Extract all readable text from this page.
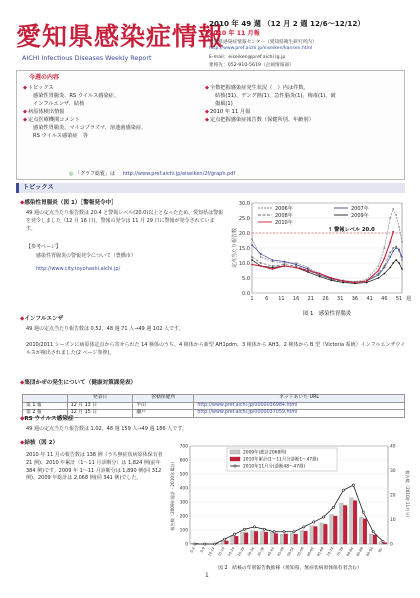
愛知県感染症情報
AICHI Infectious Diseases Weekly Report
2010 年 49 週 （12 月 2 週 12/6〜12/12）
2010 年 11 月報
愛知県感染症情報センター（愛知県衛生研究所内）
http://www.pref.aichi.jp/eiseiken/kansen.html
E-mail：eiseiken@pref.aichi.lg.jp
連絡先：052-910-5619（企画情報部）
今週の内容
◆トピックス
感染性胃腸炎、RS ウイルス感染症、
インフルエンザ、結核
◆病原体検出情報
◆定点医療機関コメント
感染性胃腸炎、マイコプラズマ、溶連菌感染症、
RS ウイルス感染症　等
◆全数把握感染症発生状況（　）内は件数。
結核(31)、デング熱(1)、急性脳炎(1)、梅毒(1)、破
傷風(1)
◆2010 年 11 月報
◆定点把握感染症報告数（保健所別、年齢別）
◎ 「グラフ総覧」は http://www.pref.aichi.jp/eiseiken/2f/graph.pdf
トピックス
◆感染性胃腸炎（図 1）［警報発令中］
49 週の定点当たり報告数は 20.4 と警報レベル(20.0)以上となったため、愛知県は警報を発令しました（12 月 16 日)。警報の発令は 11 月 29 日に警報が発令されています。
【参考ページ】
感染性胃腸炎の警報発令について（豊橋市）
http://www.city.toyohashi.aichi.jp/
0.0
5.0
10.0
15.0
20.0
25.0
30.0
1 6 11 16 21 26 31 36 41 46 51 週
定点当たり報告数	↑ 警報レベル 20.0
2006年	2007年
2008年	2009年
2010年
図 1　感染性胃腸炎
◆インフルエンザ
49 週の定点当たり報告数は 0.52、48 週 71 人→49 週 102 人です。
2010/2011 シーズンに病原体定点から寄せられた 14 検体のうち、4 検体から新型 AH1pdm、3 検体から AH3、2 検体から B 型（Victoria 系統）インフルエンザウイルスが検出されました(2 ページ参照)。
◆集団かぜの発生について（健康対策課発表）
	発表日	管轄保健所	ネットあいち URL
第 1 報	12 月 13 日	半田	http://www.pref.aichi.jp/0000036984.html
第 2 報	12 月 15 日	瀬戸	http://www.pref.aichi.jp/0000037059.html
◆RS ウイルス感染症
49 週の定点当たり報告数は 1.02、48 週 159 人→49 週 186 人です。
◆結核（図 2）
2010 年 11 月の報告数は 138 例（うち無症状病原体保有者 21 例)、2010 年累計（1〜11 月診断分）は 1,824 例(前年 384 例)です。2009 年 1〜11 月診断分は 1,890 例(同 312 例)、2009 年総計は 2,068 例(同 341 例)でした。
0
100
200
300
400
500
600
700
0
10
20
30
40
0-4 5-9 10-14 15-19 20-24 25-29 30-34 35-39 40-44 45-49 50-54 55-59 60-64 65-69 70-74 75-79 80-84 85-89 90-94 95-
報告数（2009年総計・2010年累計）	報告数（2010年11月分）
2009年(総計2068例)
2010年累計(1〜11月分診断1〜47週)
2010年11月分(診断48〜47週)
図 2　結核の年別報告数推移（愛知県、無症状病原体保有者含む）
1
